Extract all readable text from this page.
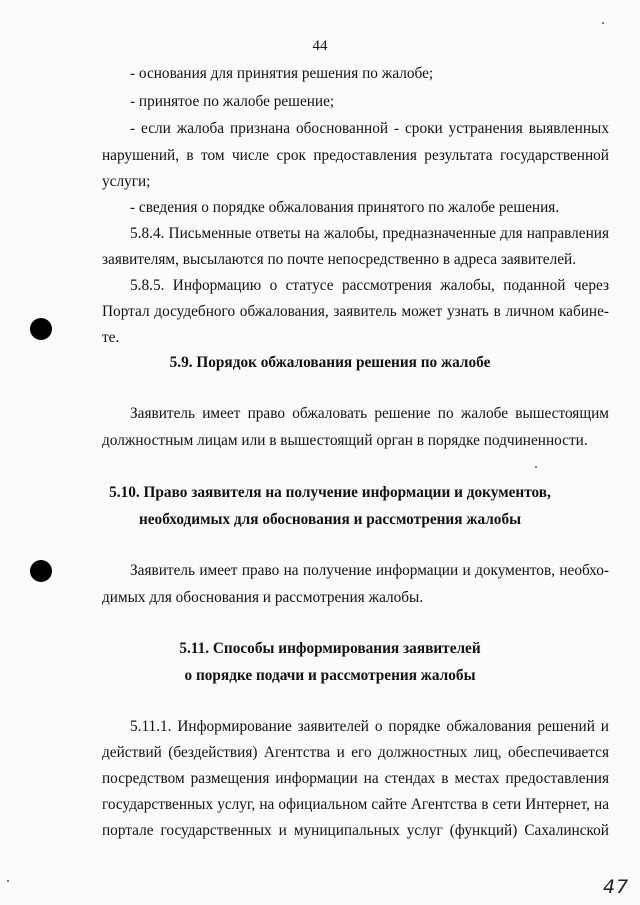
44
- основания для принятия решения по жалобе;
- принятое по жалобе решение;
- если жалоба признана обоснованной - сроки устранения выявленных
нарушений, в том числе срок предоставления результата государственной
услуги;
- сведения о порядке обжалования принятого по жалобе решения.
5.8.4. Письменные ответы на жалобы, предназначенные для направления
заявителям, высылаются по почте непосредственно в адреса заявителей.
5.8.5. Информацию о статусе рассмотрения жалобы, поданной через
Портал досудебного обжалования, заявитель может узнать в личном кабине-
те.
5.9. Порядок обжалования решения по жалобе
Заявитель имеет право обжаловать решение по жалобе вышестоящим
должностным лицам или в вышестоящий орган в порядке подчиненности.
5.10. Право заявителя на получение информации и документов,
необходимых для обоснования и рассмотрения жалобы
Заявитель имеет право на получение информации и документов, необхо-
димых для обоснования и рассмотрения жалобы.
5.11. Способы информирования заявителей
о порядке подачи и рассмотрения жалобы
5.11.1. Информирование заявителей о порядке обжалования решений и
действий (бездействия) Агентства и его должностных лиц, обеспечивается
посредством размещения информации на стендах в местах предоставления
государственных услуг, на официальном сайте Агентства в сети Интернет, на
портале государственных и муниципальных услуг (функций) Сахалинской
47
